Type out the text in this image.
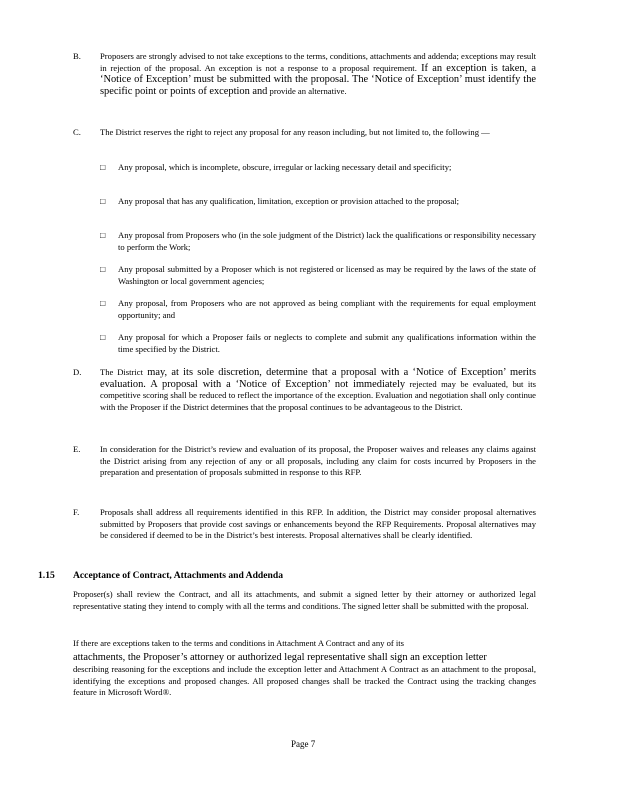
B. Proposers are strongly advised to not take exceptions to the terms, conditions, attachments and addenda; exceptions may result in rejection of the proposal. An exception is not a response to a proposal requirement. If an exception is taken, a ‘Notice of Exception’ must be submitted with the proposal. The ‘Notice of Exception’ must identify the specific point or points of exception and provide an alternative.
C. The District reserves the right to reject any proposal for any reason including, but not limited to, the following —
□ Any proposal, which is incomplete, obscure, irregular or lacking necessary detail and specificity;
□ Any proposal that has any qualification, limitation, exception or provision attached to the proposal;
□ Any proposal from Proposers who (in the sole judgment of the District) lack the qualifications or responsibility necessary to perform the Work;
□ Any proposal submitted by a Proposer which is not registered or licensed as may be required by the laws of the state of Washington or local government agencies;
□ Any proposal, from Proposers who are not approved as being compliant with the requirements for equal employment opportunity; and
□ Any proposal for which a Proposer fails or neglects to complete and submit any qualifications information within the time specified by the District.
D. The District may, at its sole discretion, determine that a proposal with a ‘Notice of Exception’ merits evaluation. A proposal with a ‘Notice of Exception’ not immediately rejected may be evaluated, but its competitive scoring shall be reduced to reflect the importance of the exception. Evaluation and negotiation shall only continue with the Proposer if the District determines that the proposal continues to be advantageous to the District.
E. In consideration for the District’s review and evaluation of its proposal, the Proposer waives and releases any claims against the District arising from any rejection of any or all proposals, including any claim for costs incurred by Proposers in the preparation and presentation of proposals submitted in response to this RFP.
F. Proposals shall address all requirements identified in this RFP. In addition, the District may consider proposal alternatives submitted by Proposers that provide cost savings or enhancements beyond the RFP Requirements. Proposal alternatives may be considered if deemed to be in the District’s best interests. Proposal alternatives shall be clearly identified.
1.15 Acceptance of Contract, Attachments and Addenda
Proposer(s) shall review the Contract, and all its attachments, and submit a signed letter by their attorney or authorized legal representative stating they intend to comply with all the terms and conditions. The signed letter shall be submitted with the proposal.
If there are exceptions taken to the terms and conditions in Attachment A Contract and any of its
attachments, the Proposer’s attorney or authorized legal representative shall sign an exception letter
describing reasoning for the exceptions and include the exception letter and Attachment A Contract as an attachment to the proposal, identifying the exceptions and proposed changes. All proposed changes shall be tracked the Contract using the tracking changes feature in Microsoft Word®.
Page 7
